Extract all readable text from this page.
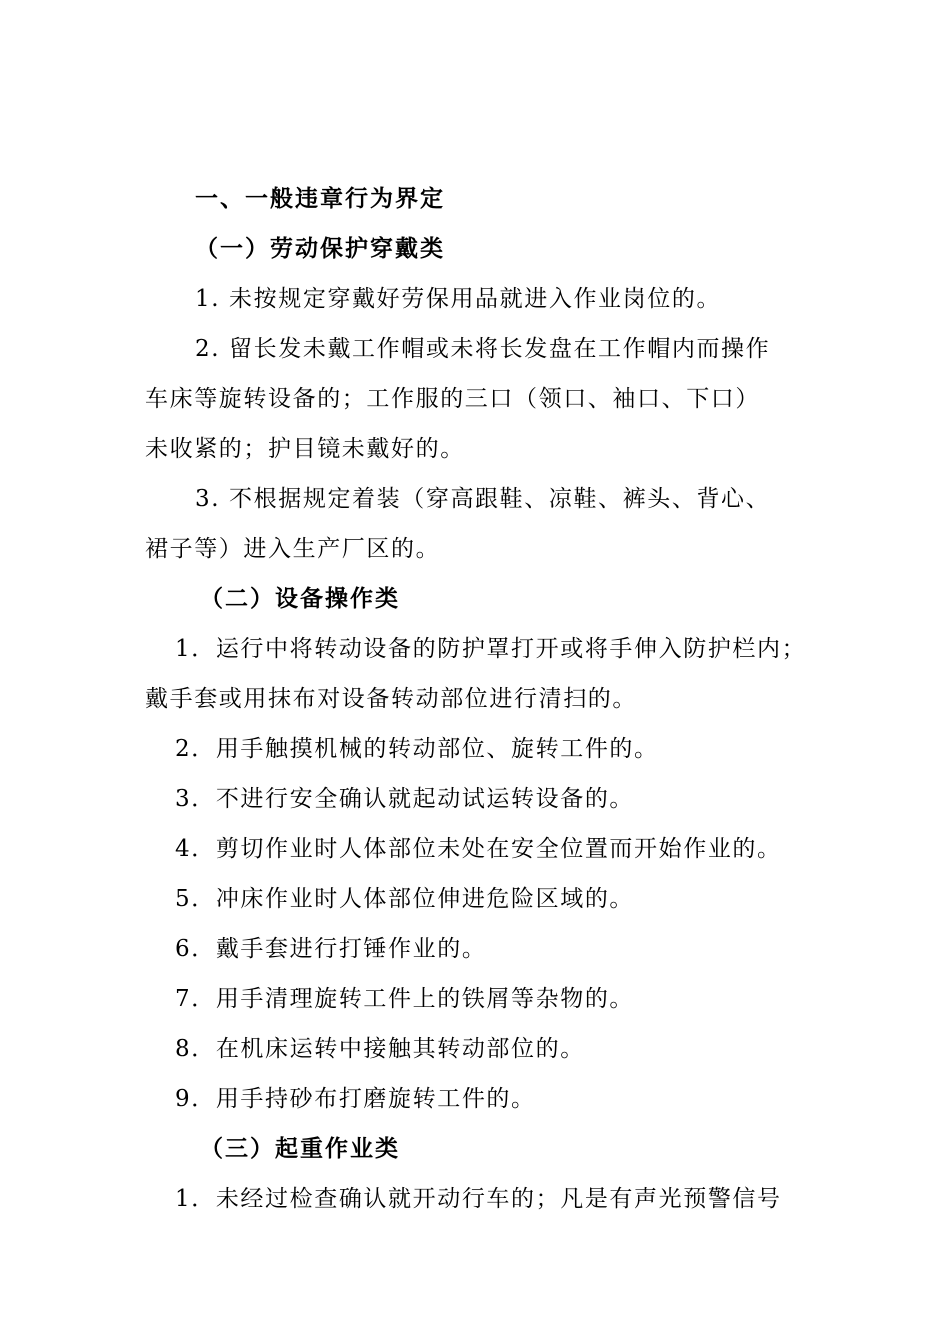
一、一般违章行为界定
（一）劳动保护穿戴类
1. 未按规定穿戴好劳保用品就进入作业岗位的。
2. 留长发未戴工作帽或未将长发盘在工作帽内而操作
车床等旋转设备的；工作服的三口（领口、袖口、下口）
未收紧的；护目镜未戴好的。
3. 不根据规定着装（穿高跟鞋、凉鞋、裤头、背心、
裙子等）进入生产厂区的。
（二）设备操作类
1．运行中将转动设备的防护罩打开或将手伸入防护栏内；
戴手套或用抹布对设备转动部位进行清扫的。
2．用手触摸机械的转动部位、旋转工件的。
3．不进行安全确认就起动试运转设备的。
4．剪切作业时人体部位未处在安全位置而开始作业的。
5．冲床作业时人体部位伸进危险区域的。
6．戴手套进行打锤作业的。
7．用手清理旋转工件上的铁屑等杂物的。
8．在机床运转中接触其转动部位的。
9．用手持砂布打磨旋转工件的。
（三）起重作业类
1．未经过检查确认就开动行车的；凡是有声光预警信号
